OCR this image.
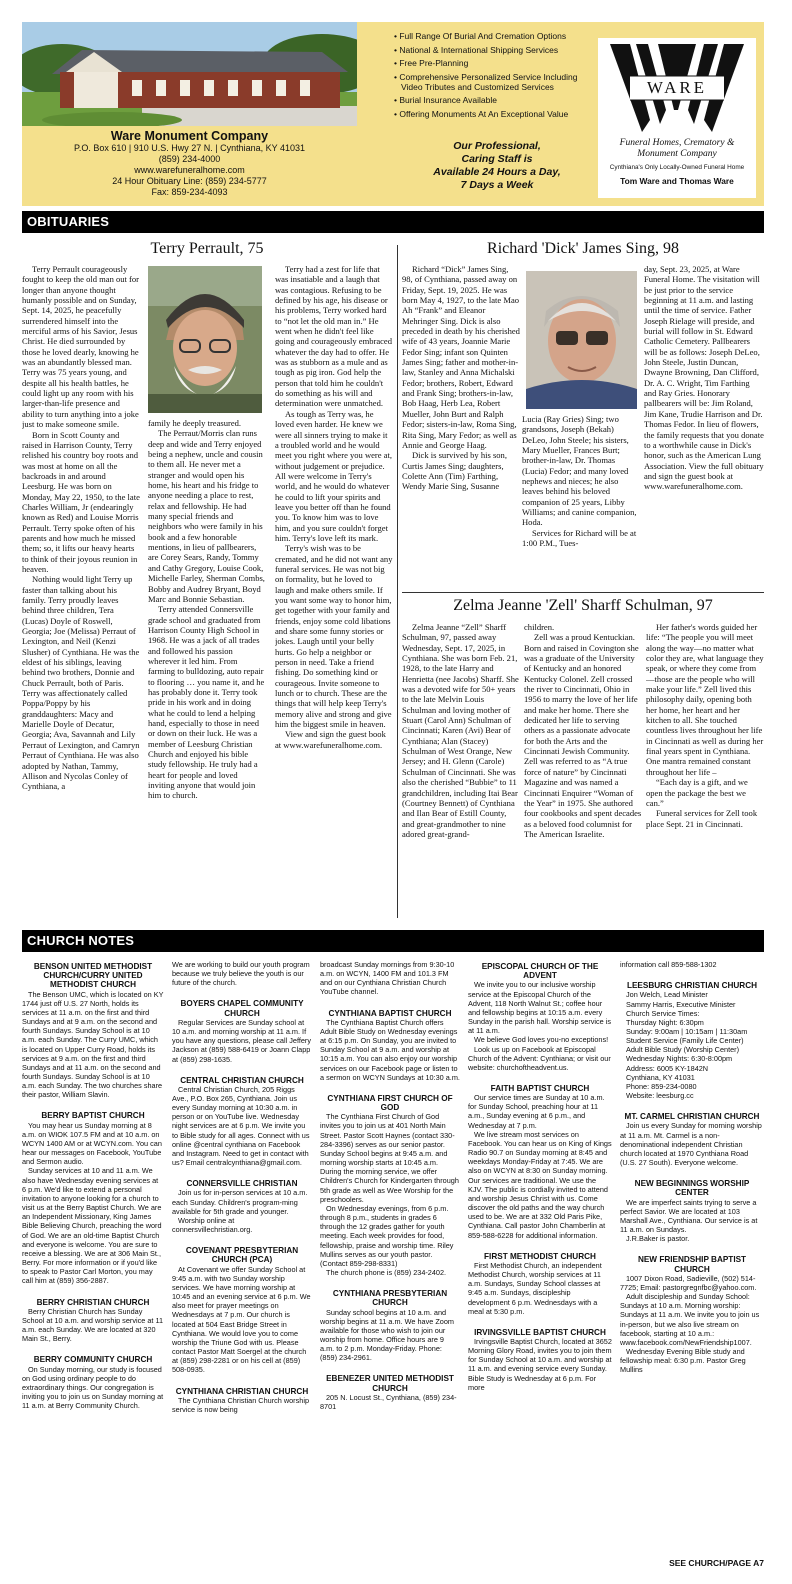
Ware Monument Company
P.O. Box 610 | 910 U.S. Hwy 27 N. | Cynthiana, KY 41031
(859) 234-4000
www.warefuneralhome.com
24 Hour Obituary Line: (859) 234-5777
Fax: 859-234-4093
• Full Range Of Burial And Cremation Options
• National & International Shipping Services
• Free Pre-Planning
• Comprehensive Personalized Service Including Video Tributes and Customized Services
• Burial Insurance Available
• Offering Monuments At An Exceptional Value
Our Professional,
Caring Staff is
Available 24 Hours a Day,
7 Days a Week
WARE
Funeral Homes, Crematory & Monument Company
Cynthiana's Only Locally-Owned Funeral Home
Tom Ware and Thomas Ware
OBITUARIES
Terry Perrault, 75

Terry Perrault courageously fought to keep the old man out for longer than anyone thought humanly possible and on Sunday, Sept. 14, 2025, he peacefully surrendered himself into the merciful arms of his Savior, Jesus Christ. He died surrounded by those he loved dearly, knowing he was an abundantly blessed man. Terry was 75 years young, and despite all his health battles, he could light up any room with his larger-than-life presence and ability to turn anything into a joke just to make someone smile.

Born in Scott County and raised in Harrison County, Terry relished his country boy roots and was most at home on all the backroads in and around Leesburg. He was born on Monday, May 22, 1950, to the late Charles William, Jr (endearingly known as Red) and Louise Morris Perrault. Terry spoke often of his parents and how much he missed them; so, it lifts our heavy hearts to think of their joyous reunion in heaven.

Nothing would light Terry up faster than talking about his family. Terry proudly leaves behind three children, Tera (Lucas) Doyle of Roswell, Georgia; Joe (Melissa) Perraut of Lexington, and Neil (Kenzi Slusher) of Cynthiana. He was the eldest of his siblings, leaving behind two brothers, Donnie and Chuck Perrault, both of Paris. Terry was affectionately called Poppa/Poppy by his granddaughters: Macy and Marielle Doyle of Decatur, Georgia; Ava, Savannah and Lily Perraut of Lexington, and Camryn Perraut of Cynthiana. He was also adopted by Nathan, Tammy, Allison and Nycolas Conley of Cynthiana, a

family he deeply treasured.

The Perraut/Morris clan runs deep and wide and Terry enjoyed being a nephew, uncle and cousin to them all. He never met a stranger and would open his home, his heart and his fridge to anyone needing a place to rest, relax and fellowship. He had many special friends and neighbors who were family in his book and a few honorable mentions, in lieu of pallbearers, are Corey Sears, Randy, Tommy and Cathy Gregory, Louise Cook, Michelle Farley, Sherman Combs, Bobby and Audrey Bryant, Boyd Marc and Bonnie Sebastian.

Terry attended Connersville grade school and graduated from Harrison County High School in 1968. He was a jack of all trades and followed his passion wherever it led him. From farming to bulldozing, auto repair to flooring … you name it, and he has probably done it. Terry took pride in his work and in doing what he could to lend a helping hand, especially to those in need or down on their luck. He was a member of Leesburg Christian Church and enjoyed his bible study fellowship. He truly had a heart for people and loved inviting anyone that would join him to church.

Terry had a zest for life that was insatiable and a laugh that was contagious. Refusing to be defined by his age, his disease or his problems, Terry worked hard to “not let the old man in.” He went when he didn't feel like going and courageously embraced whatever the day had to offer. He was as stubborn as a mule and as tough as pig iron. God help the person that told him he couldn't do something as his will and determination were unmatched.

As tough as Terry was, he loved even harder. He knew we were all sinners trying to make it a troubled world and he would meet you right where you were at, without judgement or prejudice. All were welcome in Terry's world, and he would do whatever he could to lift your spirits and leave you better off than he found you. To know him was to love him, and you sure couldn't forget him. Terry's love left its mark.

Terry's wish was to be cremated, and he did not want any funeral services. He was not big on formality, but he loved to laugh and make others smile. If you want some way to honor him, get together with your family and friends, enjoy some cold libations and share some funny stories or jokes. Laugh until your belly hurts. Go help a neighbor or person in need. Take a friend fishing. Do something kind or courageous. Invite someone to lunch or to church. These are the things that will help keep Terry's memory alive and strong and give him the biggest smile in heaven.

View and sign the guest book at www.warefuneralhome.com.

Richard 'Dick' James Sing, 98

Richard “Dick” James Sing, 98, of Cynthiana, passed away on Friday, Sept. 19, 2025. He was born May 4, 1927, to the late Mao Ah “Frank” and Eleanor Mehringer Sing. Dick is also preceded in death by his cherished wife of 43 years, Joannie Marie Fedor Sing; infant son Quinten James Sing; father and mother-in-law, Stanley and Anna Michalski Fedor; brothers, Robert, Edward and Frank Sing; brothers-in-law, Bob Haag, Herb Lea, Robert Mueller, John Burt and Ralph Fedor; sisters-in-law, Roma Sing, Rita Sing, Mary Fedor; as well as Annie and George Haag.

Dick is survived by his son, Curtis James Sing; daughters, Colette Ann (Tim) Farthing, Wendy Marie Sing, Susanne

Lucia (Ray Gries) Sing; two grandsons, Joseph (Bekah) DeLeo, John Steele; his sisters, Mary Mueller, Frances Burt; brother-in-law, Dr. Thomas (Lucia) Fedor; and many loved nephews and nieces; he also leaves behind his beloved companion of 25 years, Libby Williams; and canine companion, Hoda.

Services for Richard will be at 1:00 P.M., Tues-

day, Sept. 23, 2025, at Ware Funeral Home. The visitation will be just prior to the service beginning at 11 a.m. and lasting until the time of service. Father Joseph Rielage will preside, and burial will follow in St. Edward Catholic Cemetery. Pallbearers will be as follows: Joseph DeLeo, John Steele, Justin Duncan, Dwayne Browning, Dan Clifford, Dr. A. C. Wright, Tim Farthing and Ray Gries. Honorary pallbearers will be: Jim Roland, Jim Kane, Trudie Harrison and Dr. Thomas Fedor. In lieu of flowers, the family requests that you donate to a worthwhile cause in Dick's honor, such as the American Lung Association. View the full obituary and sign the guest book at www.warefuneralhome.com.

Zelma Jeanne 'Zell' Sharff Schulman, 97

Zelma Jeanne “Zell” Sharff Schulman, 97, passed away Wednesday, Sept. 17, 2025, in Cynthiana. She was born Feb. 21, 1928, to the late Harry and Henrietta (nee Jacobs) Sharff. She was a devoted wife for 50+ years to the late Melvin Louis Schulman and loving mother of Stuart (Carol Ann) Schulman of Cincinnati; Karen (Avi) Bear of Cynthiana; Alan (Stacey) Schulman of West Orange, New Jersey; and H. Glenn (Carole) Schulman of Cincinnati. She was also the cherished “Bubbie” to 11 grandchildren, including Itai Bear (Courtney Bennett) of Cynthiana and Ilan Bear of Estill County, and great-grandmother to nine adored great-grand-

children.

Zell was a proud Kentuckian. Born and raised in Covington she was a graduate of the University of Kentucky and an honored Kentucky Colonel. Zell crossed the river to Cincinnati, Ohio in 1956 to marry the love of her life and make her home. There she dedicated her life to serving others as a passionate advocate for both the Arts and the Cincinnati Jewish Community. Zell was referred to as “A true force of nature” by Cincinnati Magazine and was named a Cincinnati Enquirer “Woman of the Year” in 1975. She authored four cookbooks and spent decades as a beloved food columnist for The American Israelite.

Her father's words guided her life: “The people you will meet along the way—no matter what color they are, what language they speak, or where they come from—those are the people who will make your life.” Zell lived this philosophy daily, opening both her home, her heart and her kitchen to all. She touched countless lives throughout her life in Cincinnati as well as during her final years spent in Cynthiana. One mantra remained constant throughout her life –

“Each day is a gift, and we open the package the best we can.”

Funeral services for Zell took place Sept. 21 in Cincinnati.

CHURCH NOTES
BENSON UNITED METHODIST CHURCH/CURRY UNITED METHODIST CHURCH

The Benson UMC, which is located on KY 1744 just off U.S. 27 North, holds its services at 11 a.m. on the first and third Sundays and at 9 a.m. on the second and fourth Sundays. Sunday School is at 10 a.m. each Sunday. The Curry UMC, which is located on Upper Curry Road, holds its services at 9 a.m. on the first and third Sundays and at 11 a.m. on the second and fourth Sundays. Sunday School is at 10 a.m. each Sunday. The two churches share their pastor, William Slavin.

BERRY BAPTIST CHURCH

You may hear us Sunday morning at 8 a.m. on WIOK 107.5 FM and at 10 a.m. on WCYN 1400 AM or at WCYN.com. You can hear our messages on Facebook, YouTube and Sermon audio.

Sunday services at 10 and 11 a.m. We also have Wednesday evening services at 6 p.m. We'd like to extend a personal invitation to anyone looking for a church to visit us at the Berry Baptist Church. We are an Independent Missionary, King James Bible Believing Church, preaching the word of God. We are an old-time Baptist Church and everyone is welcome. You are sure to receive a blessing. We are at 306 Main St., Berry. For more information or if you'd like to speak to Pastor Carl Morton, you may call him at (859) 356-2887.

BERRY CHRISTIAN CHURCH

Berry Christian Church has Sunday School at 10 a.m. and worship service at 11 a.m. each Sunday. We are located at 320 Main St., Berry.

BERRY COMMUNITY CHURCH

On Sunday morning, our study is focused on God using ordinary people to do extraordinary things. Our congregation is inviting you to join us on Sunday morning at 11 a.m. at Berry Community Church.

We are working to build our youth program because we truly believe the youth is our future of the church.

BOYERS CHAPEL COMMUNITY CHURCH

Regular Services are Sunday school at 10 a.m. and morning worship at 11 a.m. If you have any questions, please call Jeffery Jackson at (859) 588-6419 or Joann Clapp at (859) 298-1635.

CENTRAL CHRISTIAN CHURCH

Central Christian Church, 205 Riggs Ave., P.O. Box 265, Cynthiana. Join us every Sunday morning at 10:30 a.m. in person or on YouTube live. Wednesday night services are at 6 p.m. We invite you to Bible study for all ages. Connect with us online @central cynthiana on Facebook and Instagram. Need to get in contact with us? Email centralcynthiana@gmail.com.

CONNERSVILLE CHRISTIAN

Join us for in-person services at 10 a.m. each Sunday. Children's program-ming available for 5th grade and younger.

Worship online at connersvillechristian.org.

COVENANT PRESBYTERIAN CHURCH (PCA)

At Covenant we offer Sunday School at 9:45 a.m. with two Sunday worship services. We have morning worship at 10:45 and an evening service at 6 p.m. We also meet for prayer meetings on Wednesdays at 7 p.m. Our church is located at 504 East Bridge Street in Cynthiana. We would love you to come worship the Triune God with us. Please contact Pastor Matt Soergel at the church at (859) 298-2281 or on his cell at (859) 508-0935.

CYNTHIANA CHRISTIAN CHURCH

The Cynthiana Christian Church worship service is now being

broadcast Sunday mornings from 9:30-10 a.m. on WCYN, 1400 FM and 101.3 FM and on our Cynthiana Christian Church YouTube channel.

CYNTHIANA BAPTIST CHURCH

The Cynthiana Baptist Church offers Adult Bible Study on Wednesday evenings at 6:15 p.m. On Sunday, you are invited to Sunday School at 9 a.m. and worship at 10:15 a.m. You can also enjoy our worship services on our Facebook page or listen to a sermon on WCYN Sundays at 10:30 a.m.

CYNTHIANA FIRST CHURCH OF GOD

The Cynthiana First Church of God invites you to join us at 401 North Main Street. Pastor Scott Haynes (contact 330-284-3396) serves as our senior pastor. Sunday School begins at 9:45 a.m. and morning worship starts at 10:45 a.m. During the morning service, we offer Children's Church for Kindergarten through 5th grade as well as Wee Worship for the preschoolers.

On Wednesday evenings, from 6 p.m. through 8 p.m., students in grades 6 through the 12 grades gather for youth meeting. Each week provides for food, fellowship, praise and worship time. Riley Mullins serves as our youth pastor. (Contact 859-298-8331)

The church phone is (859) 234-2402.

CYNTHIANA PRESBYTERIAN CHURCH

Sunday school begins at 10 a.m. and worship begins at 11 a.m. We have Zoom available for those who wish to join our worship from home. Office hours are 9 a.m. to 2 p.m. Monday-Friday. Phone: (859) 234-2961.

EBENEZER UNITED METHODIST CHURCH

205 N. Locust St., Cynthiana, (859) 234-8701

EPISCOPAL CHURCH OF THE ADVENT

We invite you to our inclusive worship service at the Episcopal Church of the Advent, 118 North Walnut St.; coffee hour and fellowship begins at 10:15 a.m. every Sunday in the parish hall. Worship service is at 11 a.m.

We believe God loves you-no exceptions!

Look us up on Facebook at Episcopal Church of the Advent: Cynthiana; or visit our website: churchoftheadvent.us.

FAITH BAPTIST CHURCH

Our service times are Sunday at 10 a.m. for Sunday School, preaching hour at 11 a.m., Sunday evening at 6 p.m., and Wednesday at 7 p.m.

We live stream most services on Facebook. You can hear us on King of Kings Radio 90.7 on Sunday morning at 8:45 and weekdays Monday-Friday at 7:45. We are also on WCYN at 8:30 on Sunday morning. Our services are traditional. We use the KJV. The public is cordially invited to attend and worship Jesus Christ with us. Come discover the old paths and the way church used to be. We are at 332 Old Paris Pike, Cynthiana. Call pastor John Chamberlin at 859-588-6228 for additional information.

FIRST METHODIST CHURCH

First Methodist Church, an independent Methodist Church, worship services at 11 a.m. Sundays, Sunday School classes at 9:45 a.m. Sundays, discipleship development 6 p.m. Wednesdays with a meal at 5:30 p.m.

IRVINGSVILLE BAPTIST CHURCH

Irvingsville Baptist Church, located at 3652 Morning Glory Road, invites you to join them for Sunday School at 10 a.m. and worship at 11 a.m. and evening service every Sunday. Bible Study is Wednesday at 6 p.m. For more

information call 859-588-1302

LEESBURG CHRISTIAN CHURCH

Jon Welch, Lead Minister

Sammy Harris, Executive Minister

Church Service Times:

Thursday Night: 6:30pm

Sunday: 9:00am | 10:15am | 11:30am

Student Service (Family Life Center)

Adult Bible Study (Worship Center)

Wednesday Nights: 6:30-8:00pm

Address: 6005 KY-1842N

Cynthiana, KY 41031

Phone: 859-234-0080

Website: leesburg.cc

MT. CARMEL CHRISTIAN CHURCH

Join us every Sunday for morning worship at 11 a.m. Mt. Carmel is a non-denominational independent Christian church located at 1970 Cynthiana Road (U.S. 27 South). Everyone welcome.

NEW BEGINNINGS WORSHIP CENTER

We are imperfect saints trying to serve a perfect Savior. We are located at 103 Marshall Ave., Cynthiana. Our service is at 11 a.m. on Sundays.

J.R.Baker is pastor.

NEW FRIENDSHIP BAPTIST CHURCH

1007 Dixon Road, Sadieville, (502) 514-7725; Email: pastorgregnfbc@yahoo.com.

Adult discipleship and Sunday School: Sundays at 10 a.m. Morning worship: Sundays at 11 a.m. We invite you to join us in-person, but we also live stream on facebook, starting at 10 a.m.: www.facebook.com/NewFriendship1007.

Wednesday Evening Bible study and fellowship meal: 6:30 p.m. Pastor Greg Mullins

SEE CHURCH/PAGE A7
